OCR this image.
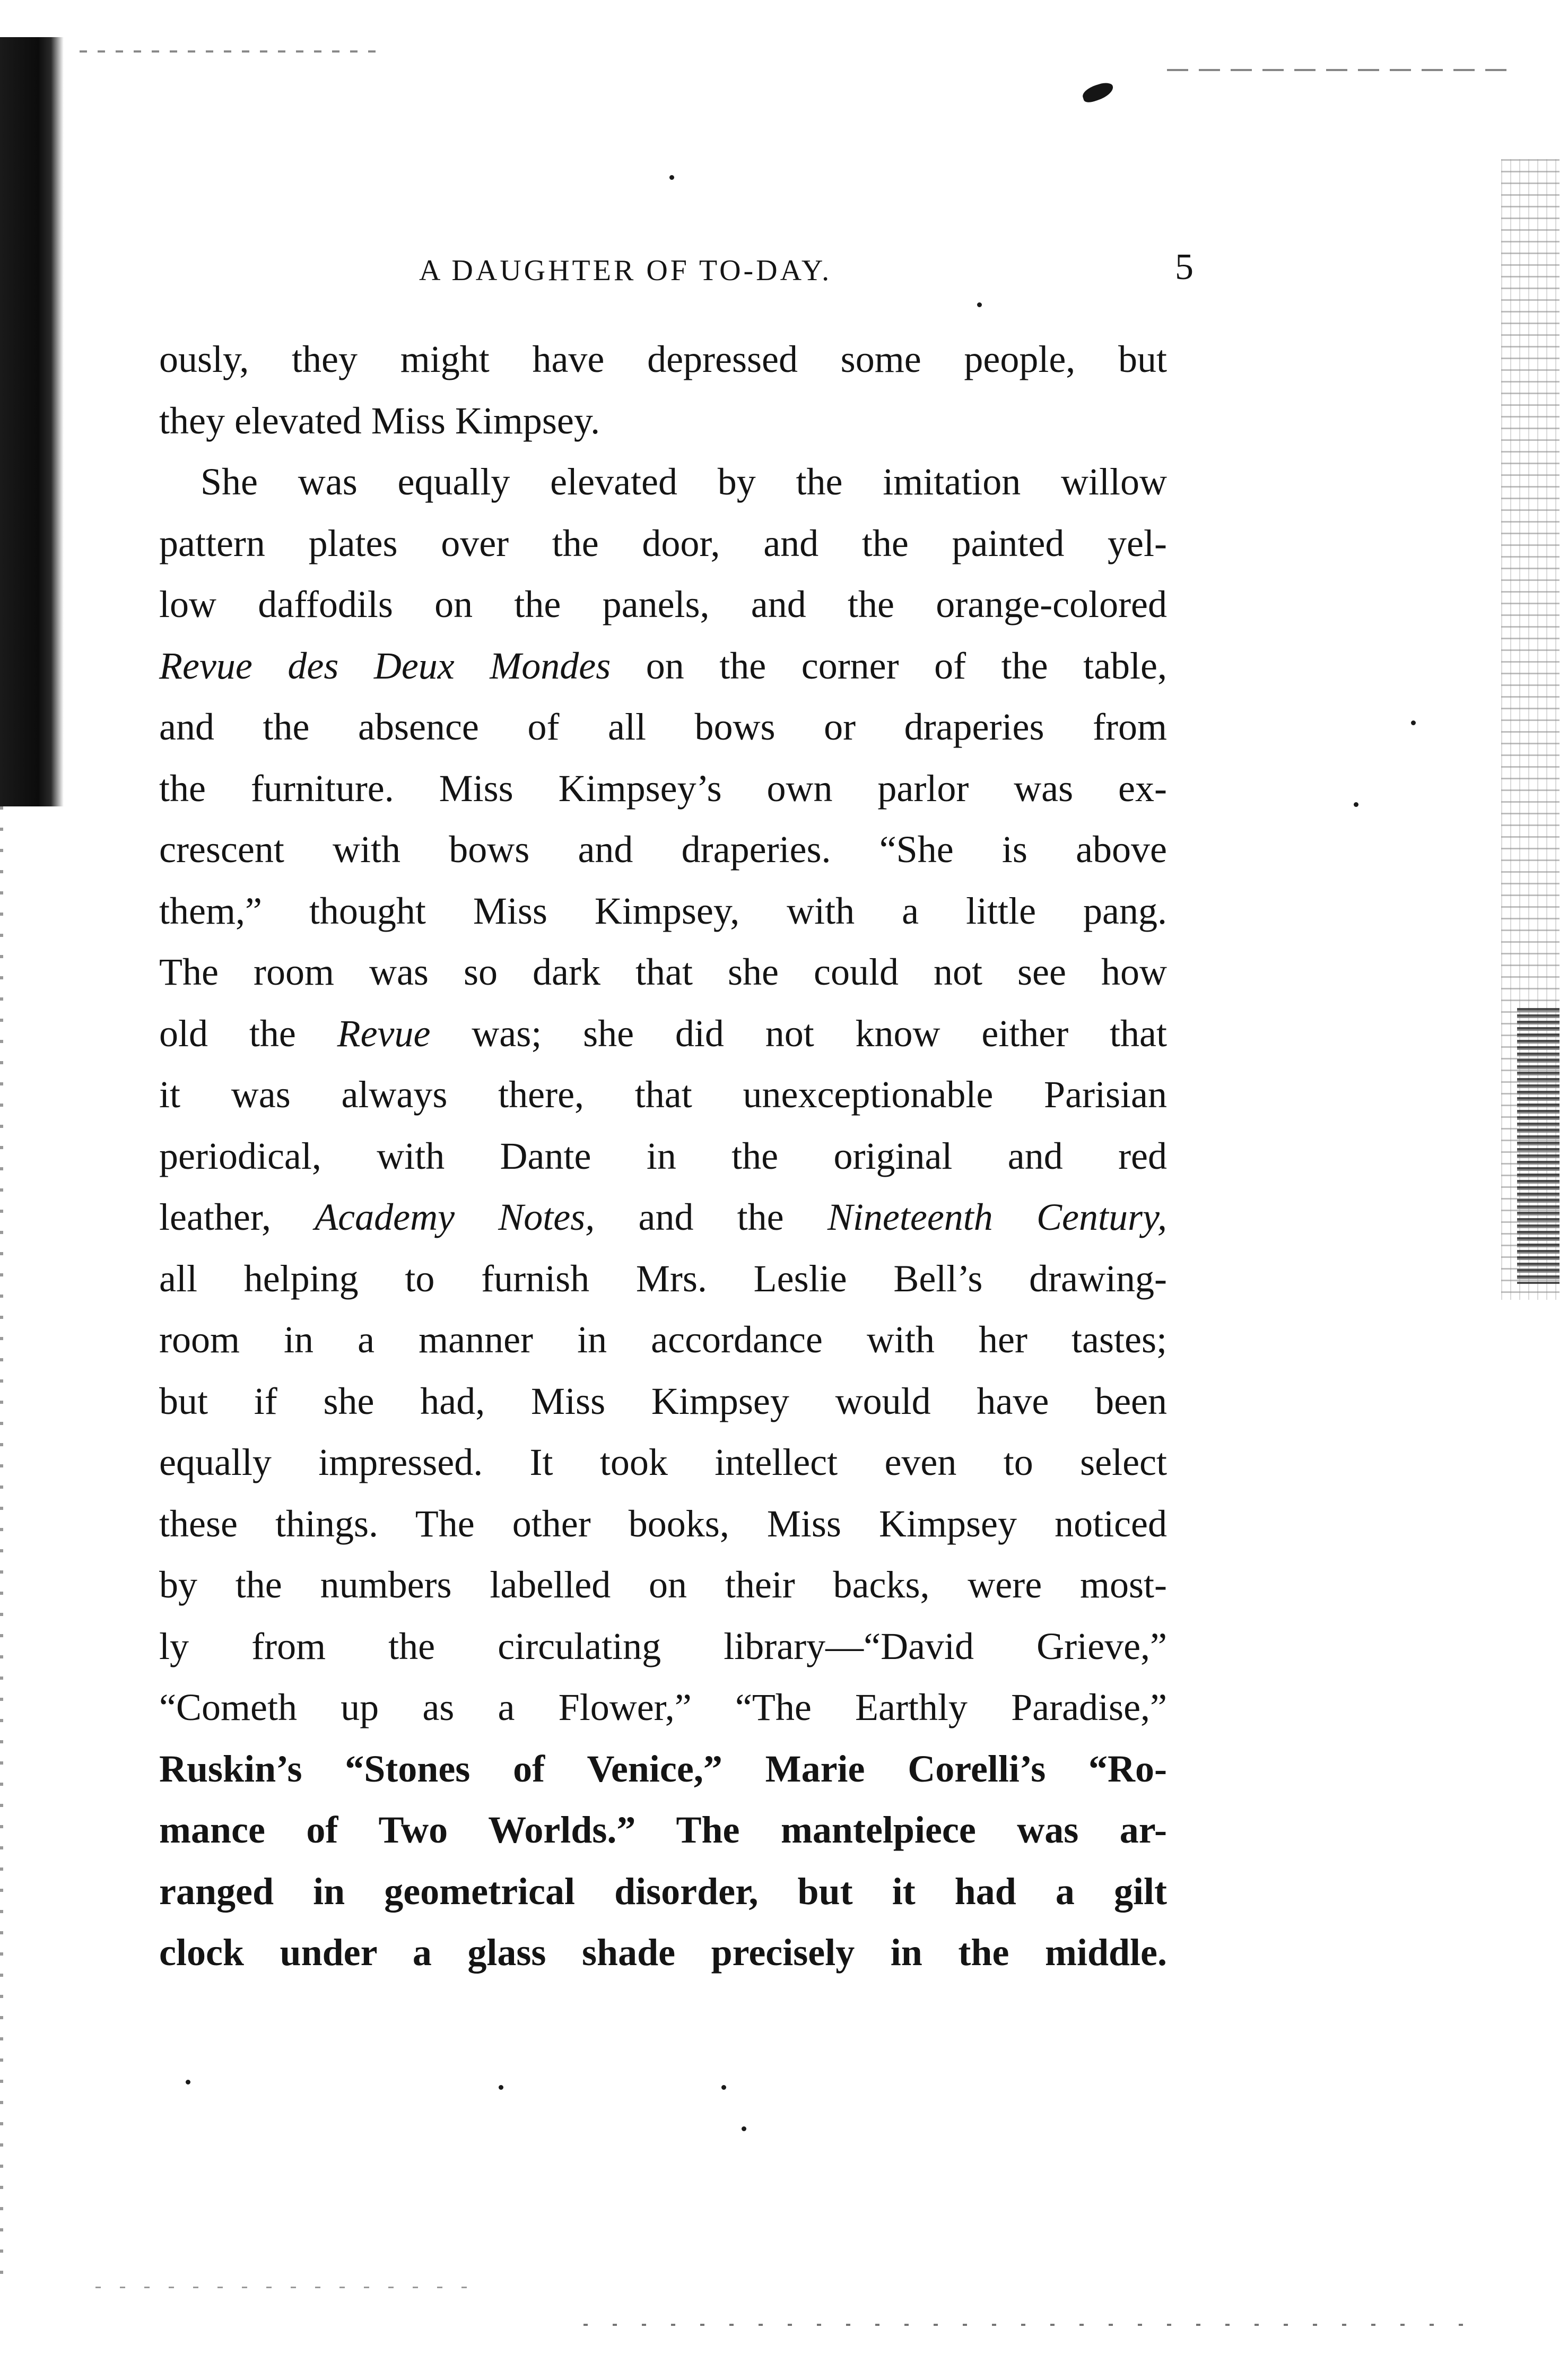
A DAUGHTER OF TO-DAY.	5
ously, they might have depressed some people, but
they elevated Miss Kimpsey.
She was equally elevated by the imitation willow
pattern plates over the door, and the painted yel-
low daffodils on the panels, and the orange-colored
Revue des Deux Mondes on the corner of the table,
and the absence of all bows or draperies from
the furniture. Miss Kimpsey’s own parlor was ex-
crescent with bows and draperies. “She is above
them,” thought Miss Kimpsey, with a little pang.
The room was so dark that she could not see how
old the Revue was; she did not know either that
it was always there, that unexceptionable Parisian
periodical, with Dante in the original and red
leather, Academy Notes, and the Nineteenth Century,
all helping to furnish Mrs. Leslie Bell’s drawing-
room in a manner in accordance with her tastes;
but if she had, Miss Kimpsey would have been
equally impressed. It took intellect even to select
these things. The other books, Miss Kimpsey noticed
by the numbers labelled on their backs, were most-
ly from the circulating library—“David Grieve,”
“Cometh up as a Flower,” “The Earthly Paradise,”
Ruskin’s “Stones of Venice,” Marie Corelli’s “Ro-
mance of Two Worlds.” The mantelpiece was ar-
ranged in geometrical disorder, but it had a gilt
clock under a glass shade precisely in the middle.
